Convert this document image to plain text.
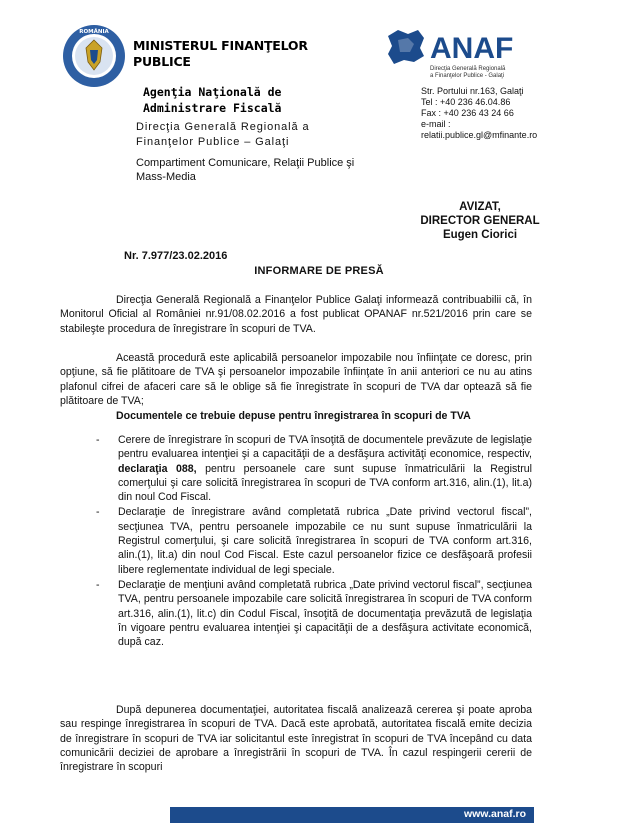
ROMÂNIA
MINISTERUL FINANŢELOR
PUBLICE
Agenţia Naţională de
Administrare Fiscală
Direcţia Generală Regională a
Finanţelor Publice – Galaţi
Compartiment Comunicare, Relaţii Publice şi
Mass-Media
ANAF
Direcţia Generală Regională
a Finanţelor Publice - Galaţi
Str. Portului nr.163, Galaţi
Tel : +40 236 46.04.86
Fax : +40 236 43 24 66
e-mail :
relatii.publice.gl@mfinante.ro
AVIZAT,
DIRECTOR GENERAL
Eugen Ciorici
Nr. 7.977/23.02.2016
INFORMARE DE PRESĂ
Direcţia Generală Regională a Finanţelor Publice Galaţi informează contribuabilii că, în Monitorul Oficial al României nr.91/08.02.2016 a fost publicat OPANAF nr.521/2016 prin care se stabileşte procedura de înregistrare în scopuri de TVA.
Această procedură este aplicabilă persoanelor impozabile nou înfiinţate ce doresc, prin opţiune, să fie plătitoare de TVA şi persoanelor impozabile înfiinţate în anii anteriori ce nu au atins plafonul cifrei de afaceri care să le oblige să fie înregistrate în scopuri de TVA dar optează să fie plătitoare de TVA;
Documentele ce trebuie depuse pentru înregistrarea în scopuri de TVA
- Cerere de înregistrare în scopuri de TVA însoţită de documentele prevăzute de legislaţie pentru evaluarea intenţiei şi a capacităţii de a desfăşura activităţi economice, respectiv, declaraţia 088, pentru persoanele care sunt supuse înmatriculării la Registrul comerţului şi care solicită înregistrarea în scopuri de TVA conform art.316, alin.(1), lit.a) din noul Cod Fiscal.
- Declaraţie de înregistrare având completată rubrica „Date privind vectorul fiscal”, secţiunea TVA, pentru persoanele impozabile ce nu sunt supuse înmatriculării la Registrul comerţului, şi care solicită înregistrarea în scopuri de TVA conform art.316, alin.(1), lit.a) din noul Cod Fiscal. Este cazul persoanelor fizice ce desfăşoară profesii libere reglementate individual de legi speciale.
- Declaraţie de menţiuni având completată rubrica „Date privind vectorul fiscal”, secţiunea TVA, pentru persoanele impozabile care solicită înregistrarea în scopuri de TVA conform art.316, alin.(1), lit.c) din Codul Fiscal, însoţită de documentaţia prevăzută de legislaţia în vigoare pentru evaluarea intenţiei şi capacităţii de a desfăşura activitate economică, după caz.
După depunerea documentaţiei, autoritatea fiscală analizează cererea şi poate aproba sau respinge înregistrarea în scopuri de TVA. Dacă este aprobată, autoritatea fiscală emite decizia de înregistrare în scopuri de TVA iar solicitantul este înregistrat în scopuri de TVA începând cu data comunicării deciziei de aprobare a înregistrării în scopuri de TVA. În cazul respingerii cererii de înregistrare în scopuri
www.anaf.ro
